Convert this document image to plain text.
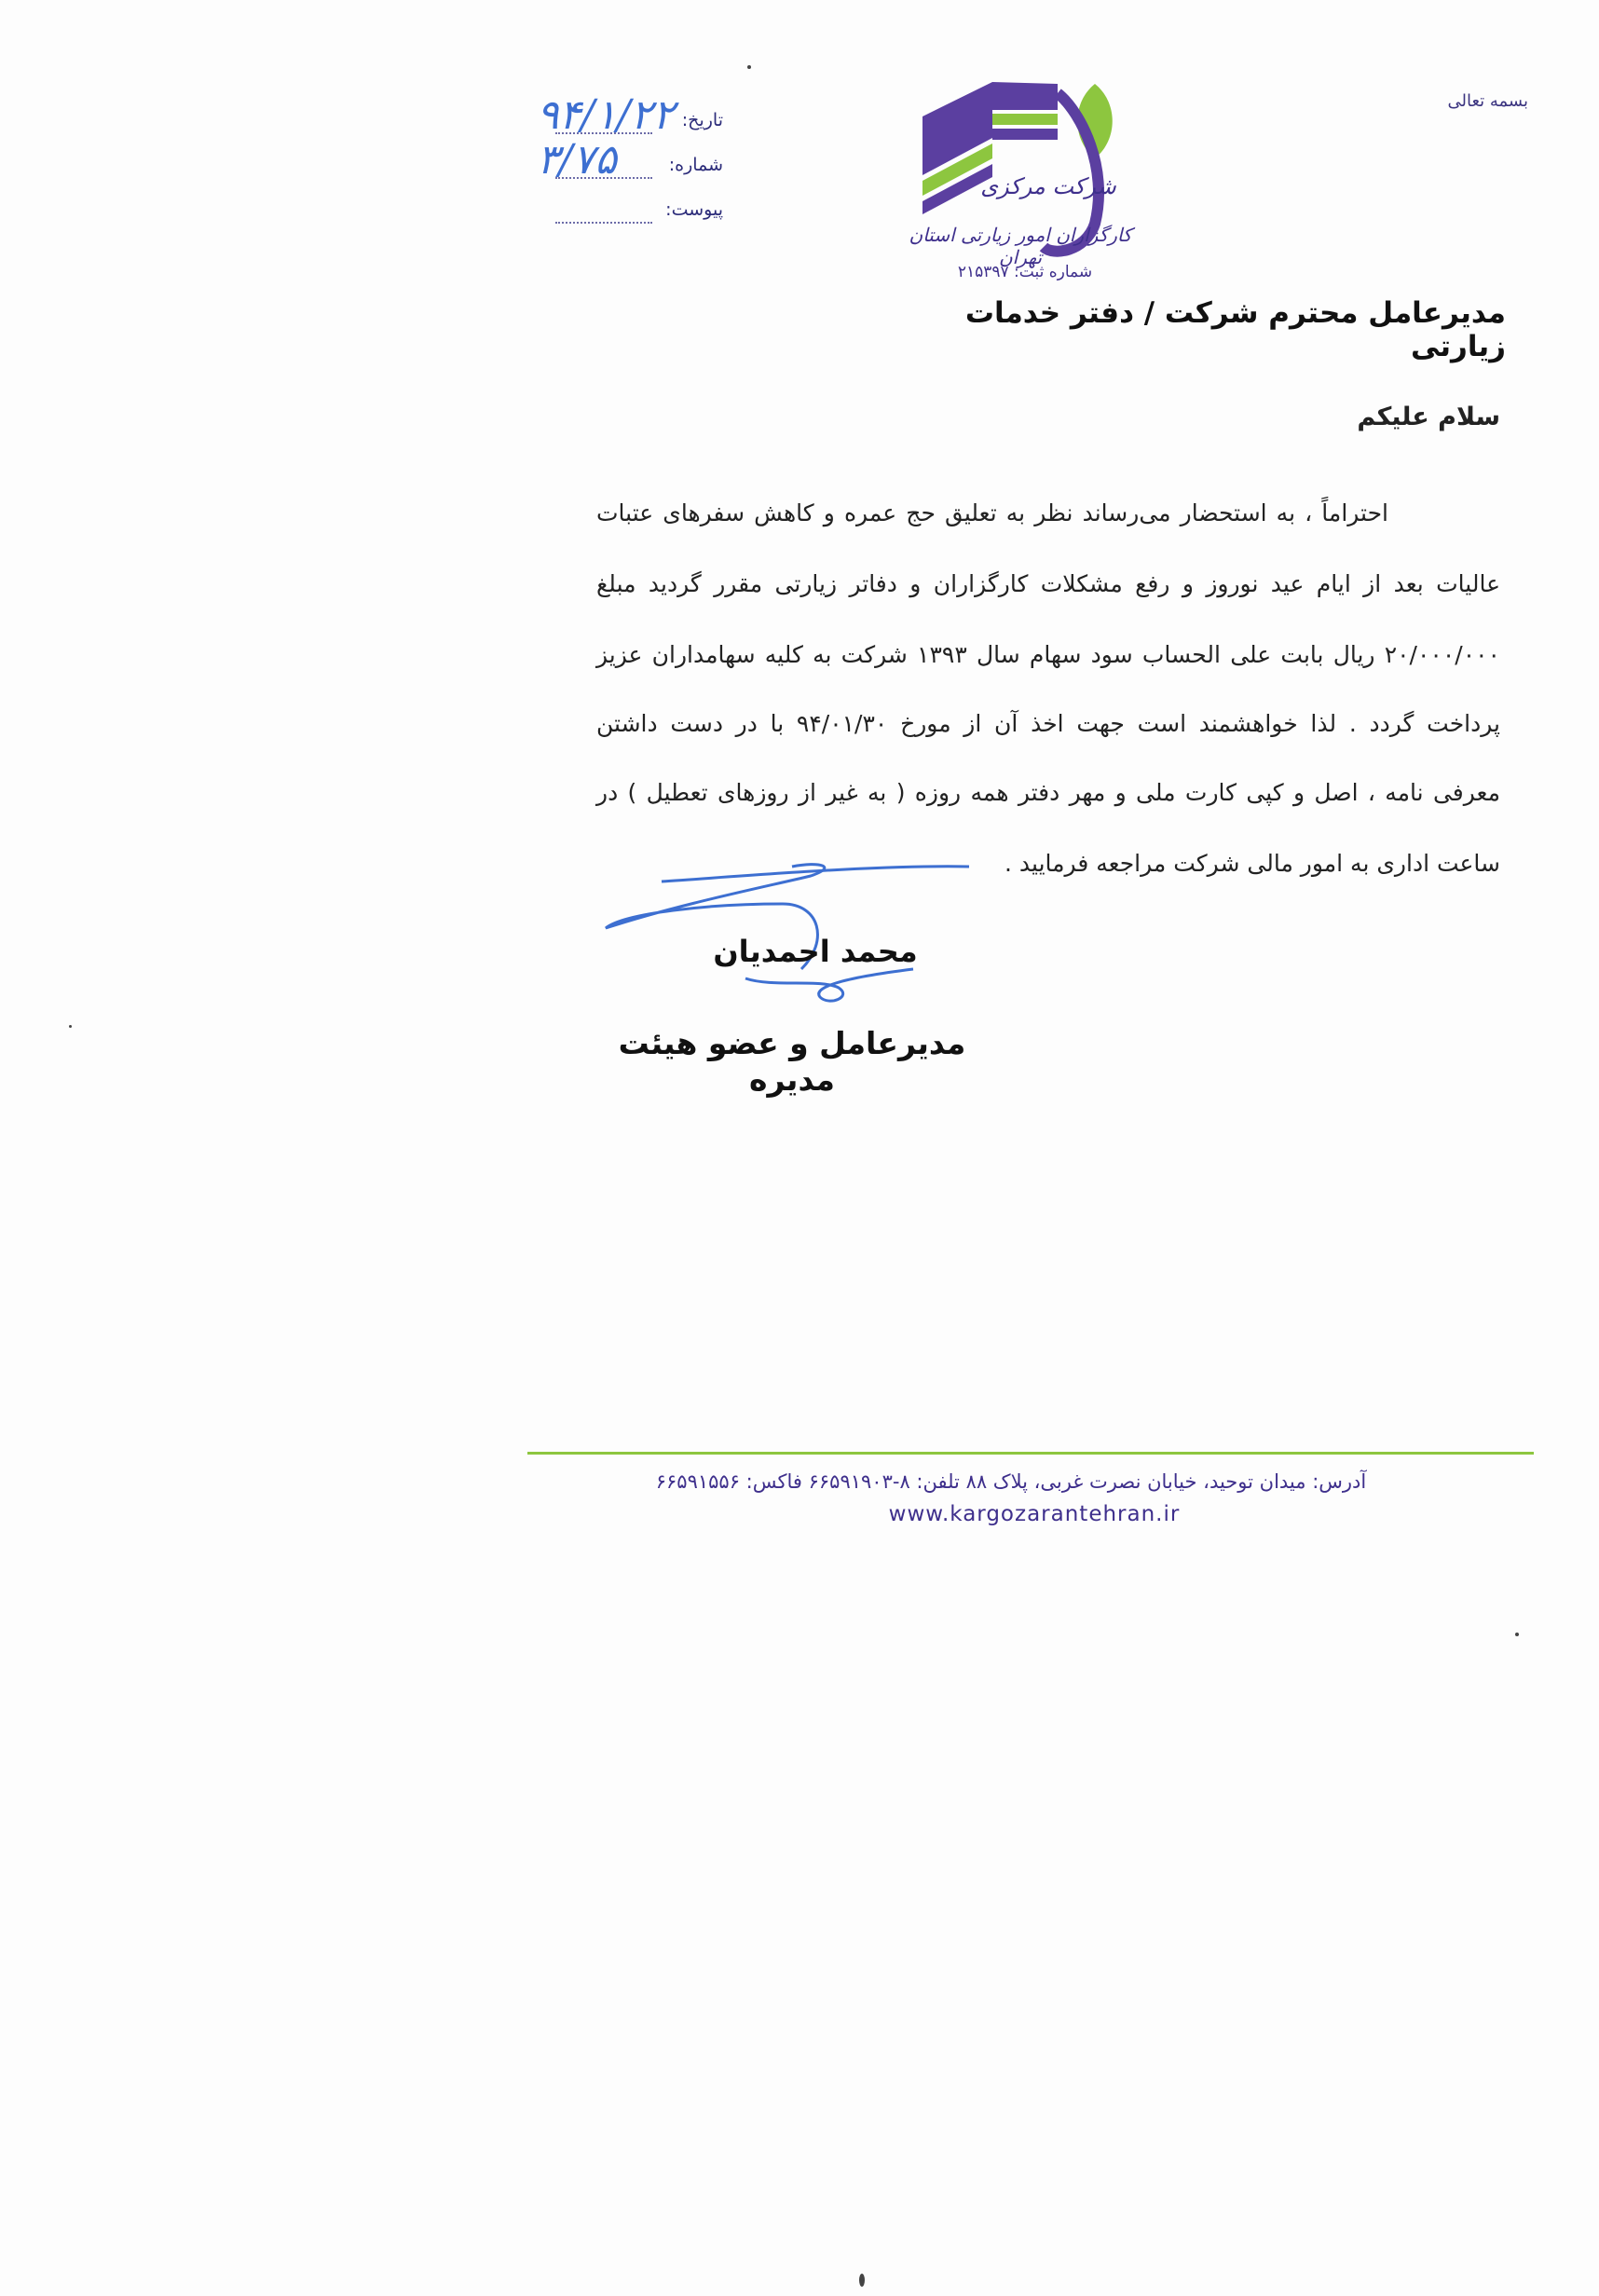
بسمه تعالی
شرکت مرکزی
کارگزاران امور زیارتی استان تهران
شماره ثبت: ۲۱۵۳۹۷
تاریخ:
۹۴/۱/۲۲
شماره:
۳/۷۵
پیوست:
مدیرعامل محترم شرکت / دفتر خدمات زیارتی
سلام علیکم
احتراماً ، به استحضار می‌رساند نظر به تعلیق حج عمره و کاهش سفرهای عتبات
عالیات بعد از ایام عید نوروز و رفع مشکلات کارگزاران و دفاتر زیارتی مقرر گردید مبلغ
۲۰/۰۰۰/۰۰۰ ریال بابت علی الحساب سود سهام سال ۱۳۹۳ شرکت به کلیه سهامداران عزیز
پرداخت گردد . لذا خواهشمند است جهت اخذ آن از مورخ ۹۴/۰۱/۳۰ با در دست داشتن
معرفی نامه ، اصل و کپی کارت ملی و مهر دفتر همه روزه ( به غیر از روزهای تعطیل ) در
ساعت اداری به امور مالی شرکت مراجعه فرمایید .
محمد احمدیان
مدیرعامل و عضو هیئت مدیره
آدرس: میدان توحید، خیابان نصرت غربی، پلاک ۸۸ تلفن: ۸-۶۶۵۹۱۹۰۳ فاکس: ۶۶۵۹۱۵۵۶
www.kargozarantehran.ir
